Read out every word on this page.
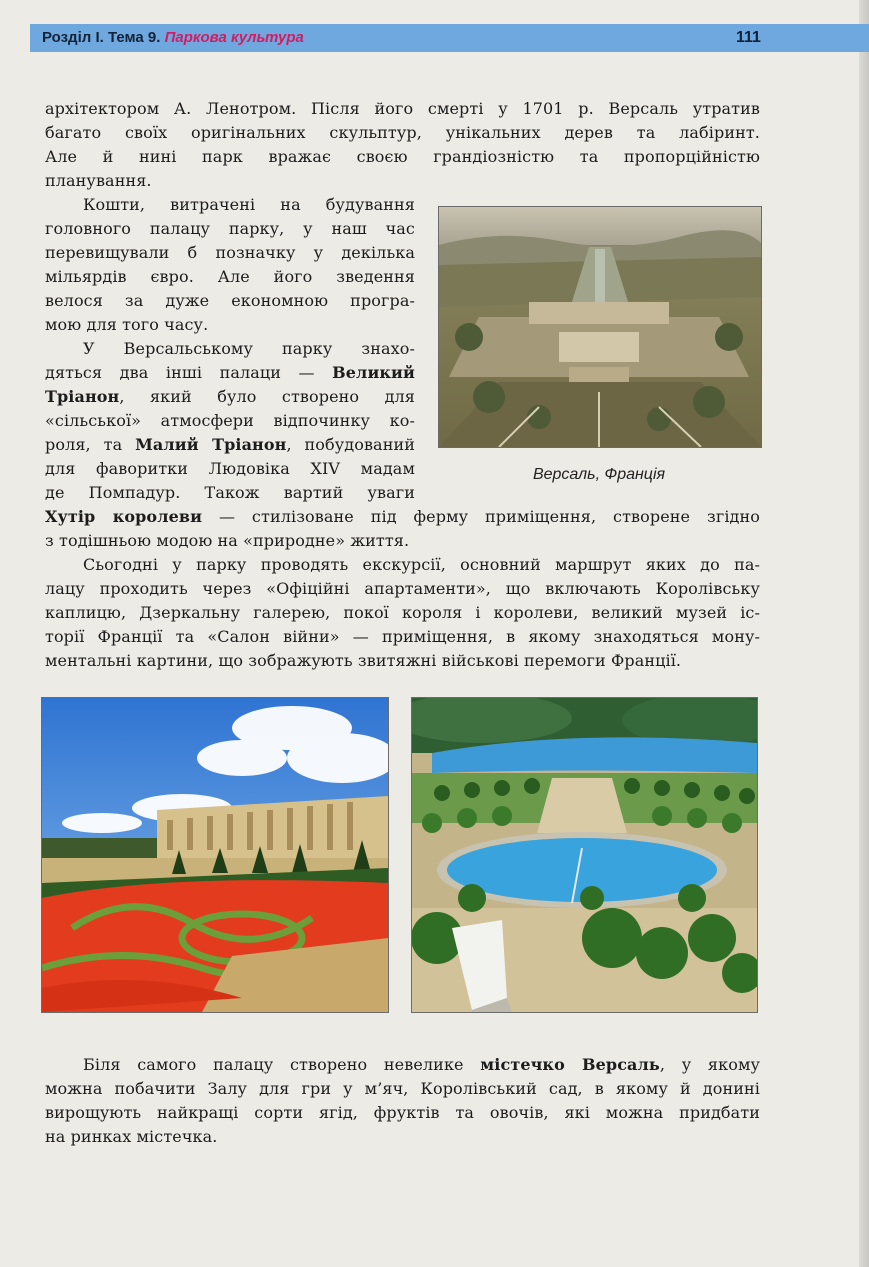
Розділ I. Тема 9. Паркова культура	111
архітектором А. Ленотром. Після його смерті у 1701 р. Версаль утратив
багато своїх оригінальних скульптур, унікальних дерев та лабіринт.
Але й нині парк вражає своєю грандіозністю та пропорційністю
планування.
Кошти, витрачені на будування
головного палацу парку, у наш час
перевищували б позначку у декілька
мільярдів євро. Але його зведення
велося за дуже економною програ-
мою для того часу.
У Версальському парку знахо-
дяться два інші палаци — Великий
Тріанон, який було створено для
«сільської» атмосфери відпочинку ко-
роля, та Малий Тріанон, побудований
для фаворитки Людовіка XIV мадам
де Помпадур. Також вартий уваги
Хутір королеви — стилізоване під ферму приміщення, створене згідно
з тодішньою модою на «природне» життя.
Сьогодні у парку проводять екскурсії, основний маршрут яких до па-
лацу проходить через «Офіційні апартаменти», що включають Королівську
каплицю, Дзеркальну галерею, покої короля і королеви, великий музей іс-
торії Франції та «Салон війни» — приміщення, в якому знаходяться мону-
ментальні картини, що зображують звитяжні військові перемоги Франції.
Версаль, Франція
Біля самого палацу створено невелике містечко Версаль, у якому
можна побачити Залу для гри у м’яч, Королівський сад, в якому й донині
вирощують найкращі сорти ягід, фруктів та овочів, які можна придбати
на ринках містечка.
